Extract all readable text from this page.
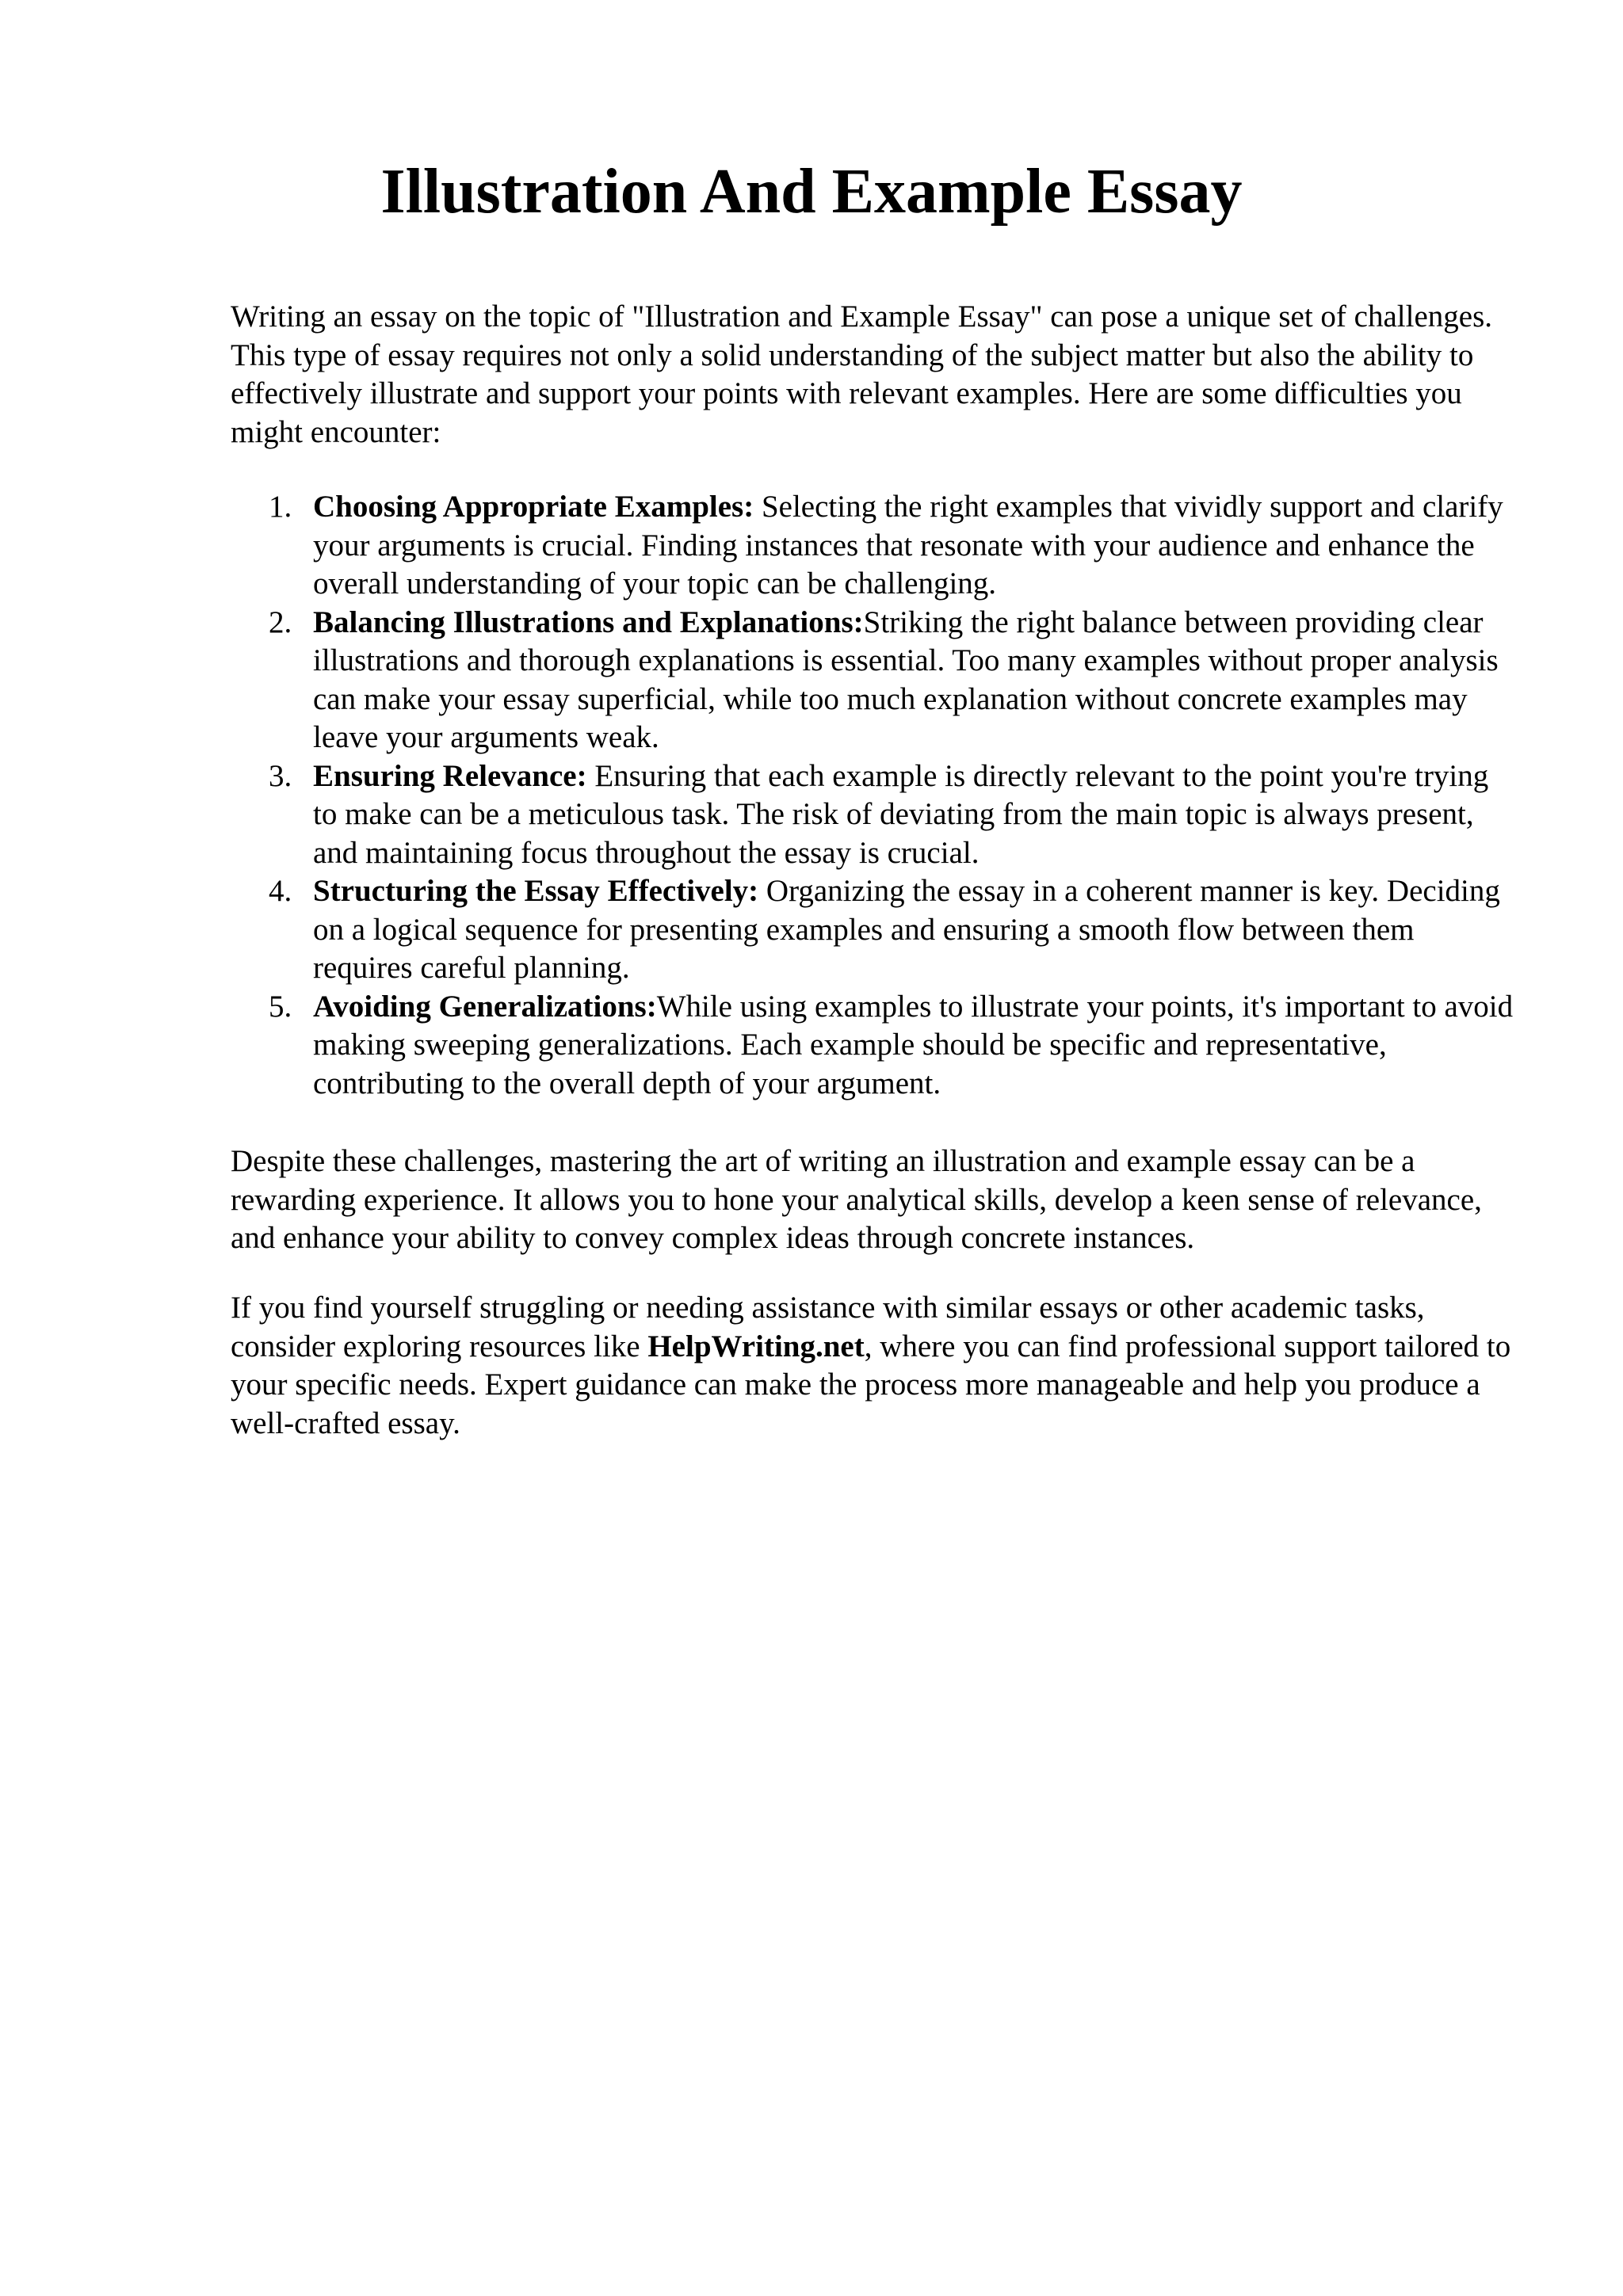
Illustration And Example Essay

Writing an essay on the topic of "Illustration and Example Essay" can pose a unique set of challenges. This type of essay requires not only a solid understanding of the subject matter but also the ability to effectively illustrate and support your points with relevant examples. Here are some difficulties you might encounter:

1. Choosing Appropriate Examples: Selecting the right examples that vividly support and clarify your arguments is crucial. Finding instances that resonate with your audience and enhance the overall understanding of your topic can be challenging.
2. Balancing Illustrations and Explanations:Striking the right balance between providing clear illustrations and thorough explanations is essential. Too many examples without proper analysis can make your essay superficial, while too much explanation without concrete examples may leave your arguments weak.
3. Ensuring Relevance: Ensuring that each example is directly relevant to the point you're trying to make can be a meticulous task. The risk of deviating from the main topic is always present, and maintaining focus throughout the essay is crucial.
4. Structuring the Essay Effectively: Organizing the essay in a coherent manner is key. Deciding on a logical sequence for presenting examples and ensuring a smooth flow between them requires careful planning.
5. Avoiding Generalizations:While using examples to illustrate your points, it's important to avoid making sweeping generalizations. Each example should be specific and representative, contributing to the overall depth of your argument.

Despite these challenges, mastering the art of writing an illustration and example essay can be a rewarding experience. It allows you to hone your analytical skills, develop a keen sense of relevance, and enhance your ability to convey complex ideas through concrete instances.

If you find yourself struggling or needing assistance with similar essays or other academic tasks, consider exploring resources like HelpWriting.net, where you can find professional support tailored to your specific needs. Expert guidance can make the process more manageable and help you produce a well-crafted essay.
